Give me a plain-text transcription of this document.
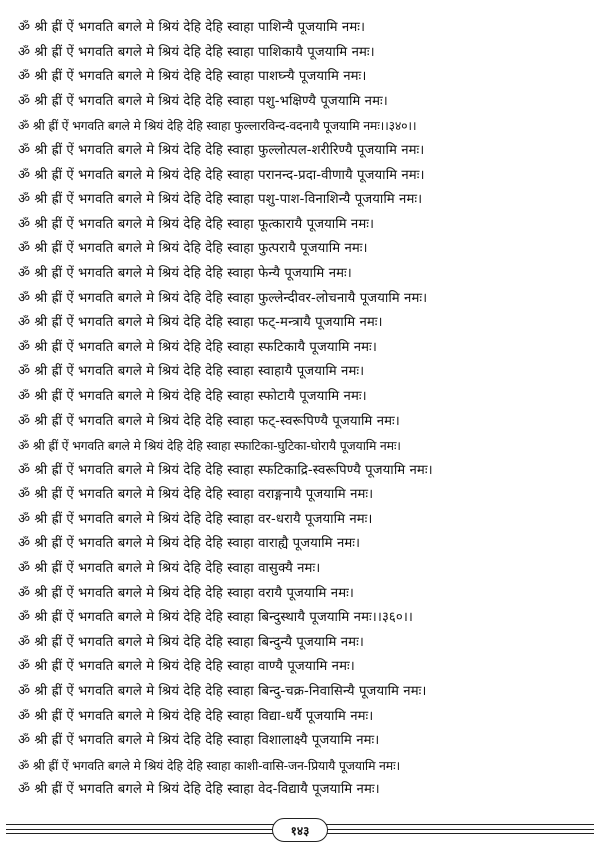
ॐ श्री ह्रीं ऐं भगवति बगले मे श्रियं देहि देहि स्वाहा पाशिन्यै पूजयामि नमः।
ॐ श्री ह्रीं ऐं भगवति बगले मे श्रियं देहि देहि स्वाहा पाशिकायै पूजयामि नमः।
ॐ श्री ह्रीं ऐं भगवति बगले मे श्रियं देहि देहि स्वाहा पाशघ्न्यै पूजयामि नमः।
ॐ श्री ह्रीं ऐं भगवति बगले मे श्रियं देहि देहि स्वाहा पशु-भक्षिण्यै पूजयामि नमः।
ॐ श्री ह्रीं ऐं भगवति बगले मे श्रियं देहि देहि स्वाहा फुल्लारविन्द-वदनायै पूजयामि नमः।।३४०।।
ॐ श्री ह्रीं ऐं भगवति बगले मे श्रियं देहि देहि स्वाहा फुल्लोत्पल-शरीरिण्यै पूजयामि नमः।
ॐ श्री ह्रीं ऐं भगवति बगले मे श्रियं देहि देहि स्वाहा परानन्द-प्रदा-वीणायै पूजयामि नमः।
ॐ श्री ह्रीं ऐं भगवति बगले मे श्रियं देहि देहि स्वाहा पशु-पाश-विनाशिन्यै पूजयामि नमः।
ॐ श्री ह्रीं ऐं भगवति बगले मे श्रियं देहि देहि स्वाहा फूत्कारायै पूजयामि नमः।
ॐ श्री ह्रीं ऐं भगवति बगले मे श्रियं देहि देहि स्वाहा फुत्परायै पूजयामि नमः।
ॐ श्री ह्रीं ऐं भगवति बगले मे श्रियं देहि देहि स्वाहा फेन्यै पूजयामि नमः।
ॐ श्री ह्रीं ऐं भगवति बगले मे श्रियं देहि देहि स्वाहा फुल्लेन्दीवर-लोचनायै पूजयामि नमः।
ॐ श्री ह्रीं ऐं भगवति बगले मे श्रियं देहि देहि स्वाहा फट्-मन्त्रायै पूजयामि नमः।
ॐ श्री ह्रीं ऐं भगवति बगले मे श्रियं देहि देहि स्वाहा स्फटिकायै पूजयामि नमः।
ॐ श्री ह्रीं ऐं भगवति बगले मे श्रियं देहि देहि स्वाहा स्वाहायै पूजयामि नमः।
ॐ श्री ह्रीं ऐं भगवति बगले मे श्रियं देहि देहि स्वाहा स्फोटायै पूजयामि नमः।
ॐ श्री ह्रीं ऐं भगवति बगले मे श्रियं देहि देहि स्वाहा फट्-स्वरूपिण्यै पूजयामि नमः।
ॐ श्री ह्रीं ऐं भगवति बगले मे श्रियं देहि देहि स्वाहा स्फाटिका-घुटिका-घोरायै पूजयामि नमः।
ॐ श्री ह्रीं ऐं भगवति बगले मे श्रियं देहि देहि स्वाहा स्फटिकाद्रि-स्वरूपिण्यै पूजयामि नमः।
ॐ श्री ह्रीं ऐं भगवति बगले मे श्रियं देहि देहि स्वाहा वराङ्गनायै पूजयामि नमः।
ॐ श्री ह्रीं ऐं भगवति बगले मे श्रियं देहि देहि स्वाहा वर-धरायै पूजयामि नमः।
ॐ श्री ह्रीं ऐं भगवति बगले मे श्रियं देहि देहि स्वाहा वाराह्यै पूजयामि नमः।
ॐ श्री ह्रीं ऐं भगवति बगले मे श्रियं देहि देहि स्वाहा वासुक्यै नमः।
ॐ श्री ह्रीं ऐं भगवति बगले मे श्रियं देहि देहि स्वाहा वरायै पूजयामि नमः।
ॐ श्री ह्रीं ऐं भगवति बगले मे श्रियं देहि देहि स्वाहा बिन्दुस्थायै पूजयामि नमः।।३६०।।
ॐ श्री ह्रीं ऐं भगवति बगले मे श्रियं देहि देहि स्वाहा बिन्दुन्यै पूजयामि नमः।
ॐ श्री ह्रीं ऐं भगवति बगले मे श्रियं देहि देहि स्वाहा वाण्यै पूजयामि नमः।
ॐ श्री ह्रीं ऐं भगवति बगले मे श्रियं देहि देहि स्वाहा बिन्दु-चक्र-निवासिन्यै पूजयामि नमः।
ॐ श्री ह्रीं ऐं भगवति बगले मे श्रियं देहि देहि स्वाहा विद्या-धर्यै पूजयामि नमः।
ॐ श्री ह्रीं ऐं भगवति बगले मे श्रियं देहि देहि स्वाहा विशालाक्ष्यै पूजयामि नमः।
ॐ श्री ह्रीं ऐं भगवति बगले मे श्रियं देहि देहि स्वाहा काशी-वासि-जन-प्रियायै पूजयामि नमः।
ॐ श्री ह्रीं ऐं भगवति बगले मे श्रियं देहि देहि स्वाहा वेद-विद्यायै पूजयामि नमः।
१४३
